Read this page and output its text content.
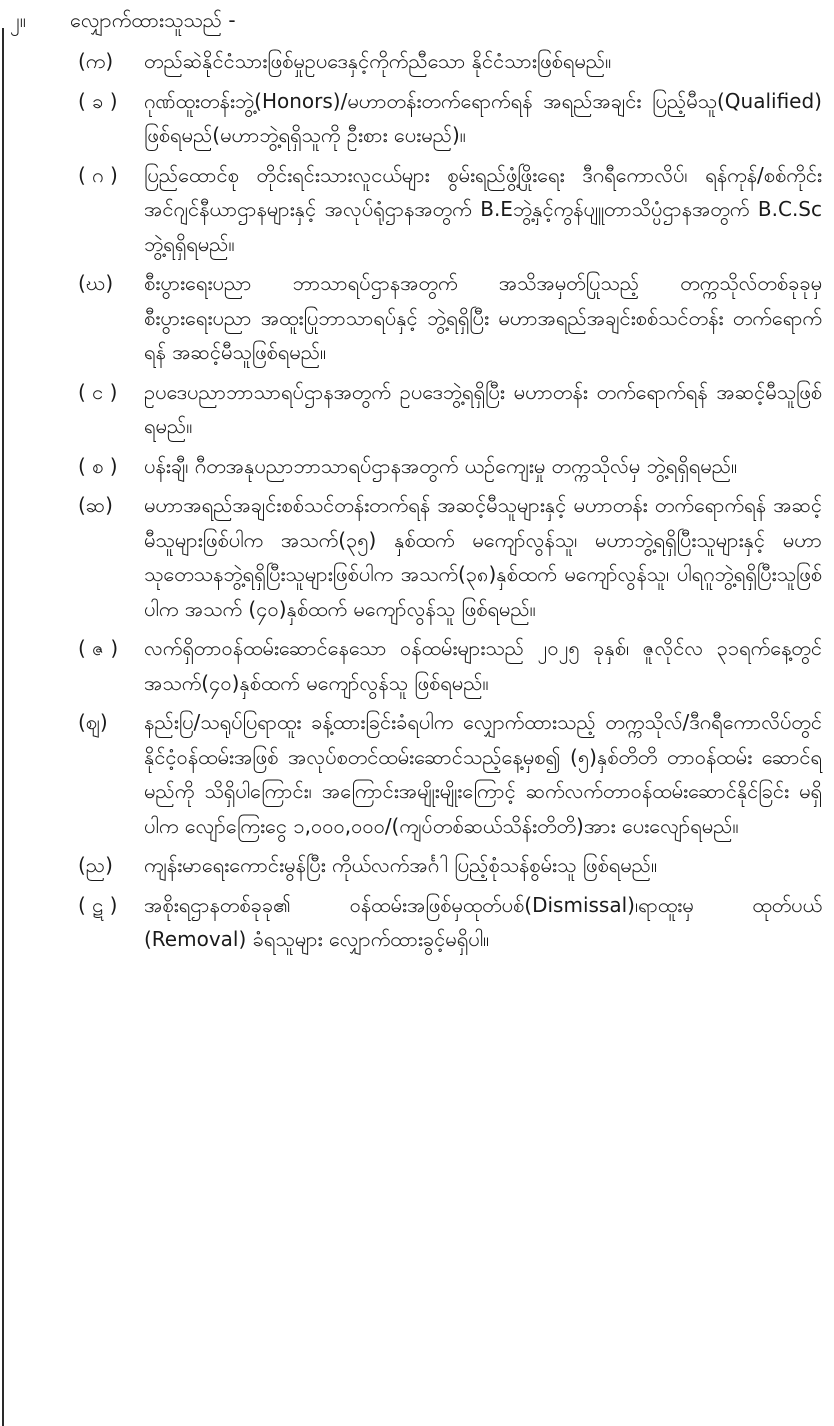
၂။	လျှောက်ထားသူသည် -
(က)	တည်ဆဲနိုင်ငံသားဖြစ်မှုဥပဒေနှင့်ကိုက်ညီသော နိုင်ငံသားဖြစ်ရမည်။
( ခ )	ဂုဏ်ထူးတန်းဘွဲ့(Honors)/မဟာတန်းတက်ရောက်ရန် အရည်အချင်း ပြည့်မီသူ(Qualified) ဖြစ်ရမည်(မဟာဘွဲ့ရရှိသူကို ဦးစား ပေးမည်)။
( ဂ )	ပြည်ထောင်စု တိုင်းရင်းသားလူငယ်များ စွမ်းရည်ဖွံ့ဖြိုးရေး ဒီဂရီကောလိပ်၊ ရန်ကုန်/စစ်ကိုင်း အင်ဂျင်နီယာဌာနများနှင့် အလုပ်ရုံဌာနအတွက် B.Eဘွဲ့နှင့်ကွန်ပျူတာသိပ္ပံဌာနအတွက် B.C.Sc ဘွဲ့ရရှိရမည်။
(ဃ)	စီးပွားရေးပညာ ဘာသာရပ်ဌာနအတွက် အသိအမှတ်ပြုသည့် တက္ကသိုလ်တစ်ခုခုမှ စီးပွားရေးပညာ အထူးပြုဘာသာရပ်နှင့် ဘွဲ့ရရှိပြီး မဟာအရည်အချင်းစစ်သင်တန်း တက်ရောက်ရန် အဆင့်မီသူဖြစ်ရမည်။
( င )	ဥပဒေပညာဘာသာရပ်ဌာနအတွက် ဥပဒေဘွဲ့ရရှိပြီး မဟာတန်း တက်ရောက်ရန် အဆင့်မီသူဖြစ်ရမည်။
( စ )	ပန်းချီ၊ ဂီတအနုပညာဘာသာရပ်ဌာနအတွက် ယဉ်ကျေးမှု တက္ကသိုလ်မှ ဘွဲ့ရရှိရမည်။
(ဆ)	မဟာအရည်အချင်းစစ်သင်တန်းတက်ရန် အဆင့်မီသူများနှင့် မဟာတန်း တက်ရောက်ရန် အဆင့်မီသူများဖြစ်ပါက အသက်(၃၅) နှစ်ထက် မကျော်လွန်သူ၊ မဟာဘွဲ့ရရှိပြီးသူများနှင့် မဟာသုတေသနဘွဲ့ရရှိပြီးသူများဖြစ်ပါက အသက်(၃၈)နှစ်ထက် မကျော်လွန်သူ၊ ပါရဂူဘွဲ့ရရှိပြီးသူဖြစ်ပါက အသက် (၄၀)နှစ်ထက် မကျော်လွန်သူ ဖြစ်ရမည်။
( ဇ )	လက်ရှိတာဝန်ထမ်းဆောင်နေသော ဝန်ထမ်းများသည် ၂၀၂၅ ခုနှစ်၊ ဇူလိုင်လ ၃၁ရက်နေ့တွင် အသက်(၄၀)နှစ်ထက် မကျော်လွန်သူ ဖြစ်ရမည်။
(ဈ)	နည်းပြ/သရုပ်ပြရာထူး ခန့်ထားခြင်းခံရပါက လျှောက်ထားသည့် တက္ကသိုလ်/ဒီဂရီကောလိပ်တွင် နိုင်ငံ့ဝန်ထမ်းအဖြစ် အလုပ်စတင်ထမ်းဆောင်သည့်နေ့မှစ၍ (၅)နှစ်တိတိ တာဝန်ထမ်း ဆောင်ရမည်ကို သိရှိပါကြောင်း၊ အကြောင်းအမျိုးမျိုးကြောင့် ဆက်လက်တာဝန်ထမ်းဆောင်နိုင်ခြင်း မရှိပါက လျော်ကြေးငွေ ၁,၀၀၀,၀၀၀/(ကျပ်တစ်ဆယ်သိန်းတိတိ)အား ပေးလျော်ရမည်။
(ည)	ကျန်းမာရေးကောင်းမွန်ပြီး ကိုယ်လက်အင်္ဂါ ပြည့်စုံသန်စွမ်းသူ ဖြစ်ရမည်။
( ဋ )	အစိုးရဌာနတစ်ခုခု၏ ဝန်ထမ်းအဖြစ်မှထုတ်ပစ်(Dismissal)၊ရာထူးမှ ထုတ်ပယ် (Removal) ခံရသူများ လျှောက်ထားခွင့်မရှိပါ။
